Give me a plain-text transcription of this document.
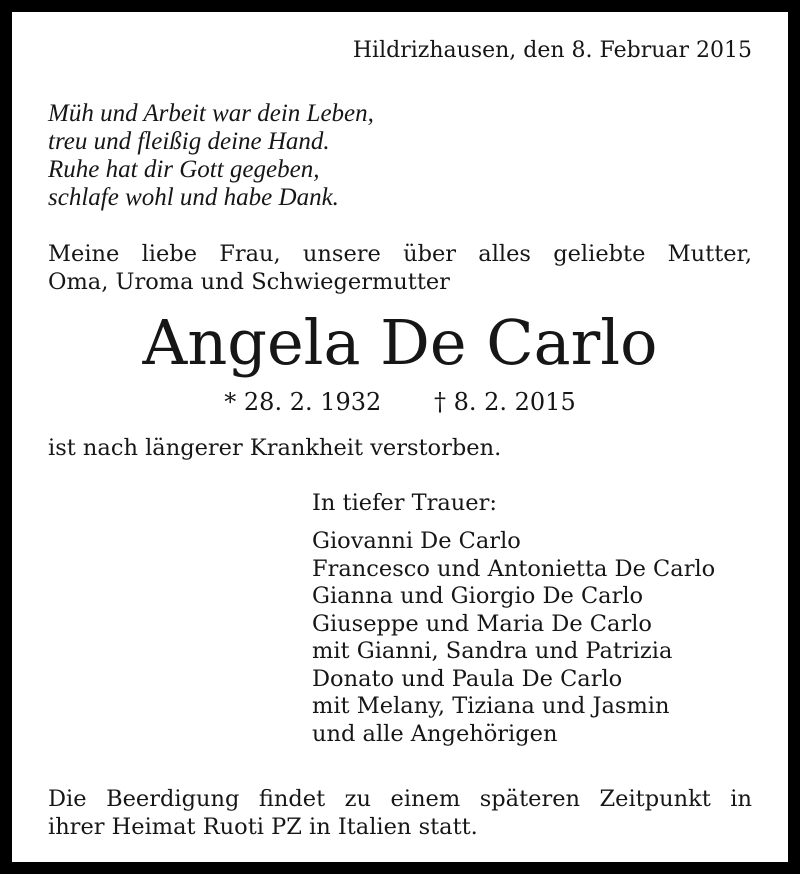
Hildrizhausen, den 8. Februar 2015
Müh und Arbeit war dein Leben,
treu und fleißig deine Hand.
Ruhe hat dir Gott gegeben,
schlafe wohl und habe Dank.
Meine liebe Frau, unsere über alles geliebte Mutter,
Oma, Uroma und Schwiegermutter
Angela De Carlo
* 28. 2. 1932 † 8. 2. 2015
ist nach längerer Krankheit verstorben.
In tiefer Trauer:
Giovanni De Carlo
Francesco und Antonietta De Carlo
Gianna und Giorgio De Carlo
Giuseppe und Maria De Carlo
mit Gianni, Sandra und Patrizia
Donato und Paula De Carlo
mit Melany, Tiziana und Jasmin
und alle Angehörigen
Die Beerdigung findet zu einem späteren Zeitpunkt in
ihrer Heimat Ruoti PZ in Italien statt.
